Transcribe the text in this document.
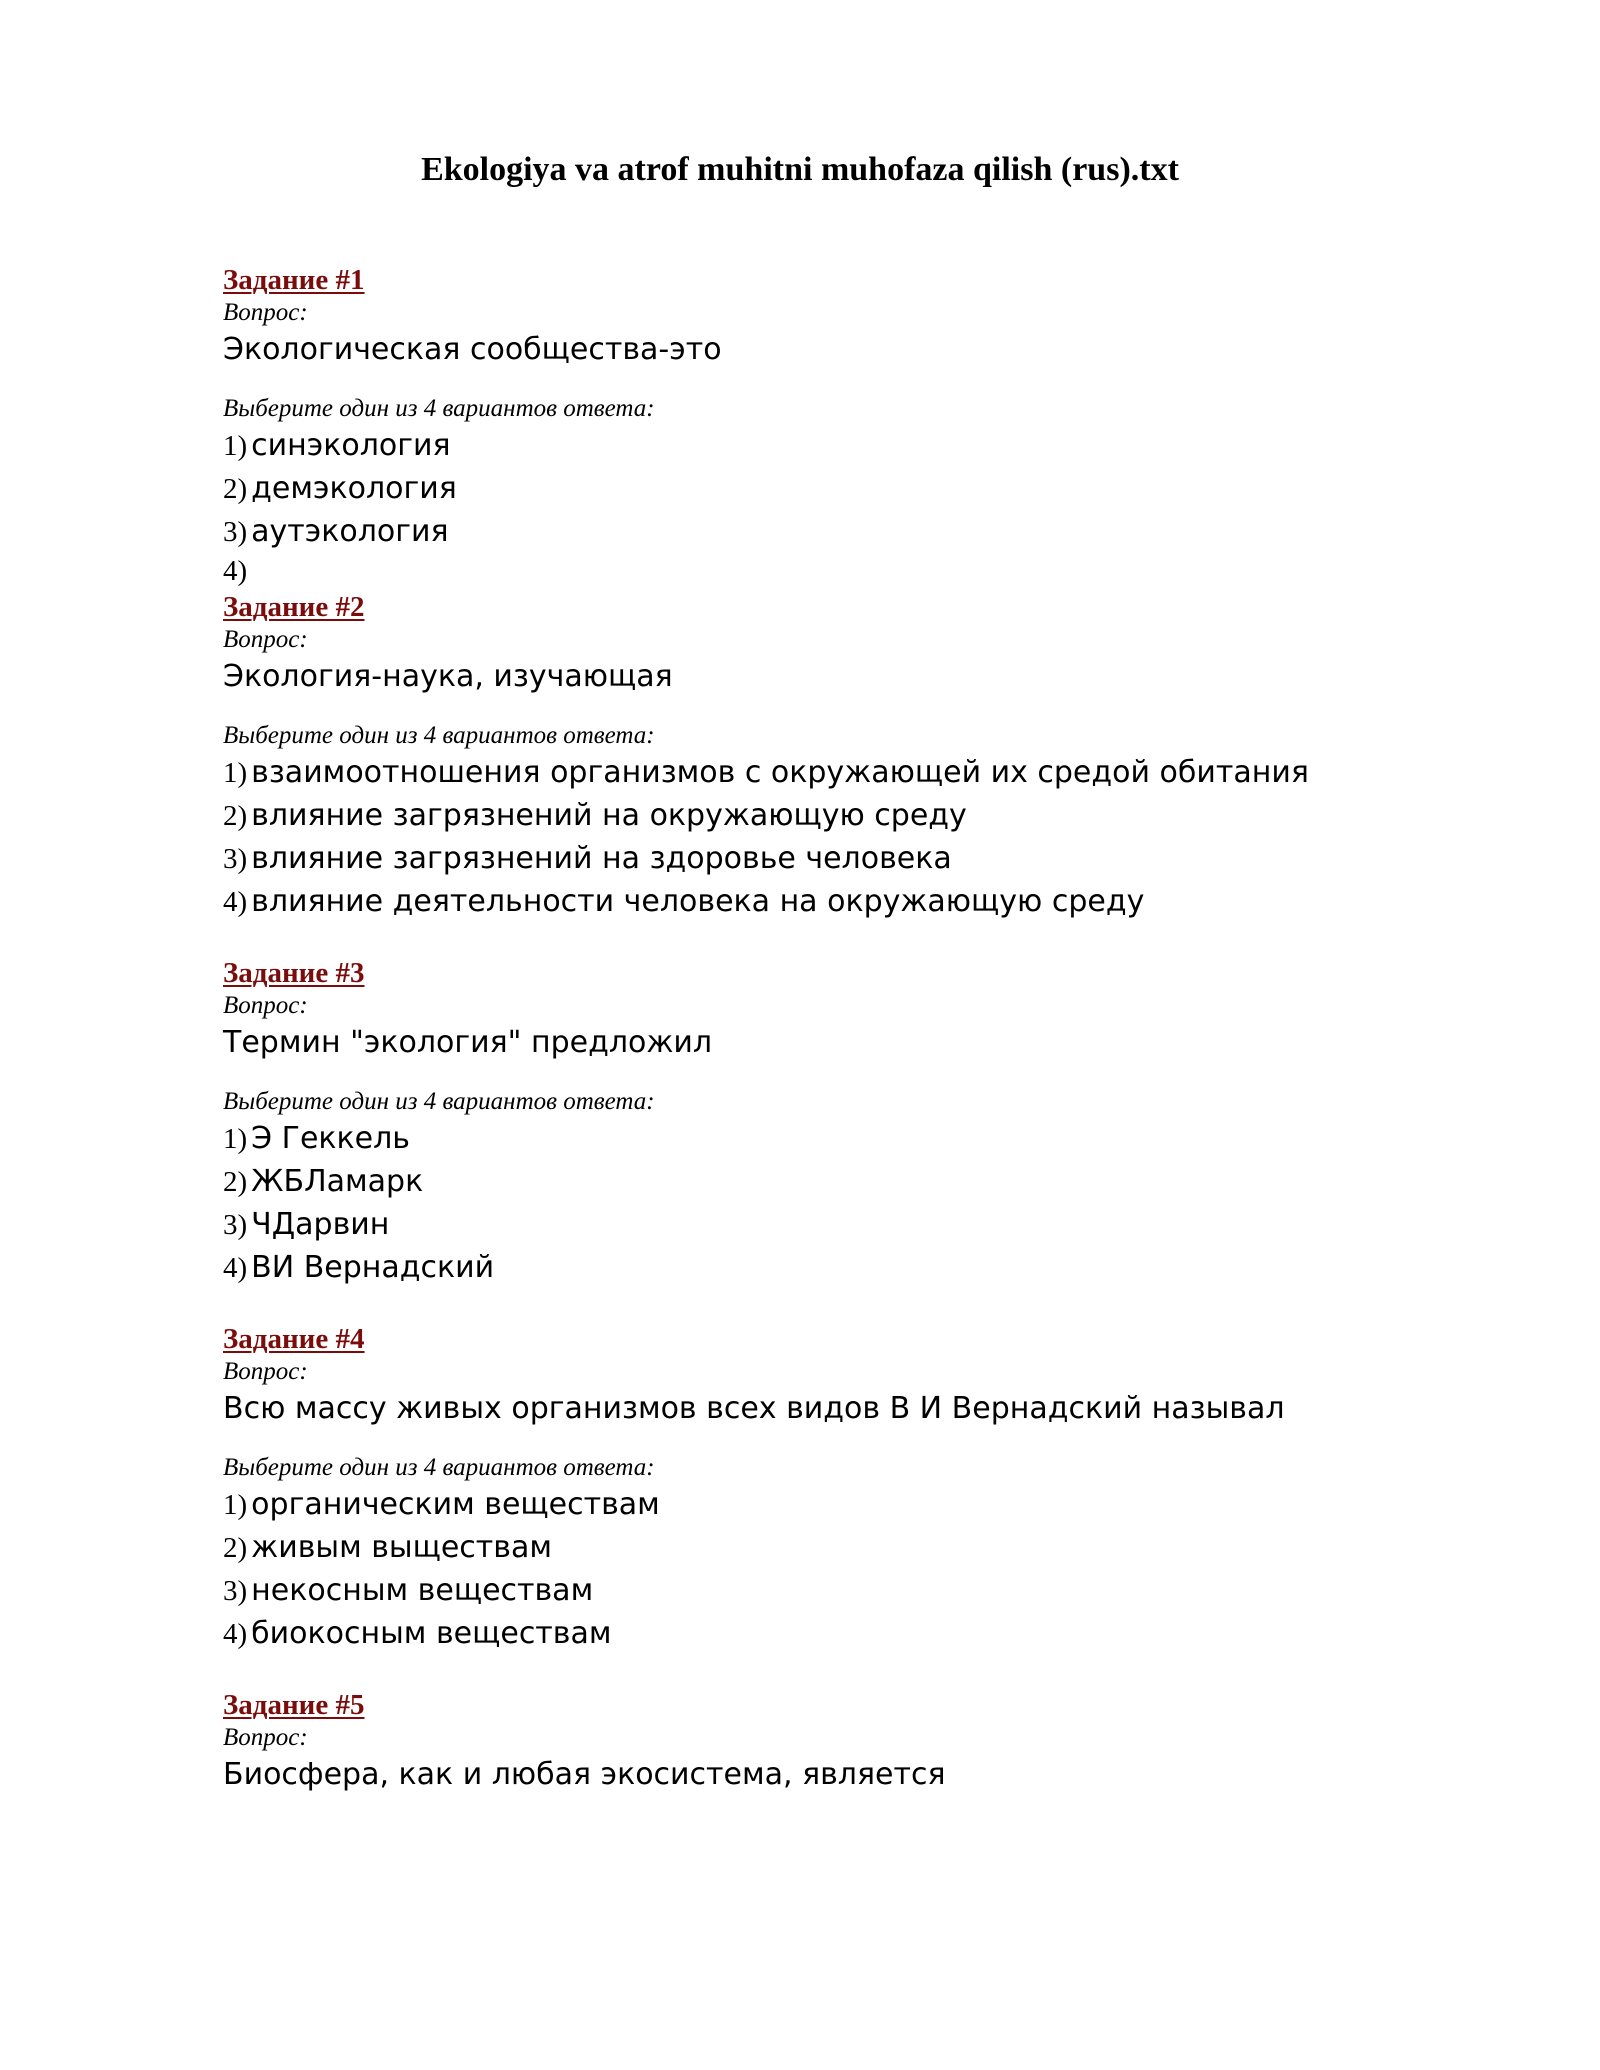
Ekologiya va atrof muhitni muhofaza qilish (rus).txt
Задание #1
Вопрос:
Экологическая сообщества-это
Выберите один из 4 вариантов ответа:
1) синэкология
2) демэкология
3) аутэкология
4)
Задание #2
Вопрос:
Экология-наука, изучающая
Выберите один из 4 вариантов ответа:
1) взаимоотношения организмов с окружающей их средой обитания
2) влияние загрязнений на окружающую среду
3) влияние загрязнений на здоровье человека
4) влияние деятельности человека на окружающую среду
Задание #3
Вопрос:
Термин "экология" предложил
Выберите один из 4 вариантов ответа:
1) Э Геккель
2) ЖБЛамарк
3) ЧДарвин
4) ВИ Вернадский
Задание #4
Вопрос:
Всю массу живых организмов всех видов В И Вернадский называл
Выберите один из 4 вариантов ответа:
1) органическим веществам
2) живым выществам
3) некосным веществам
4) биокосным веществам
Задание #5
Вопрос:
Биосфера, как и любая экосистема, является
